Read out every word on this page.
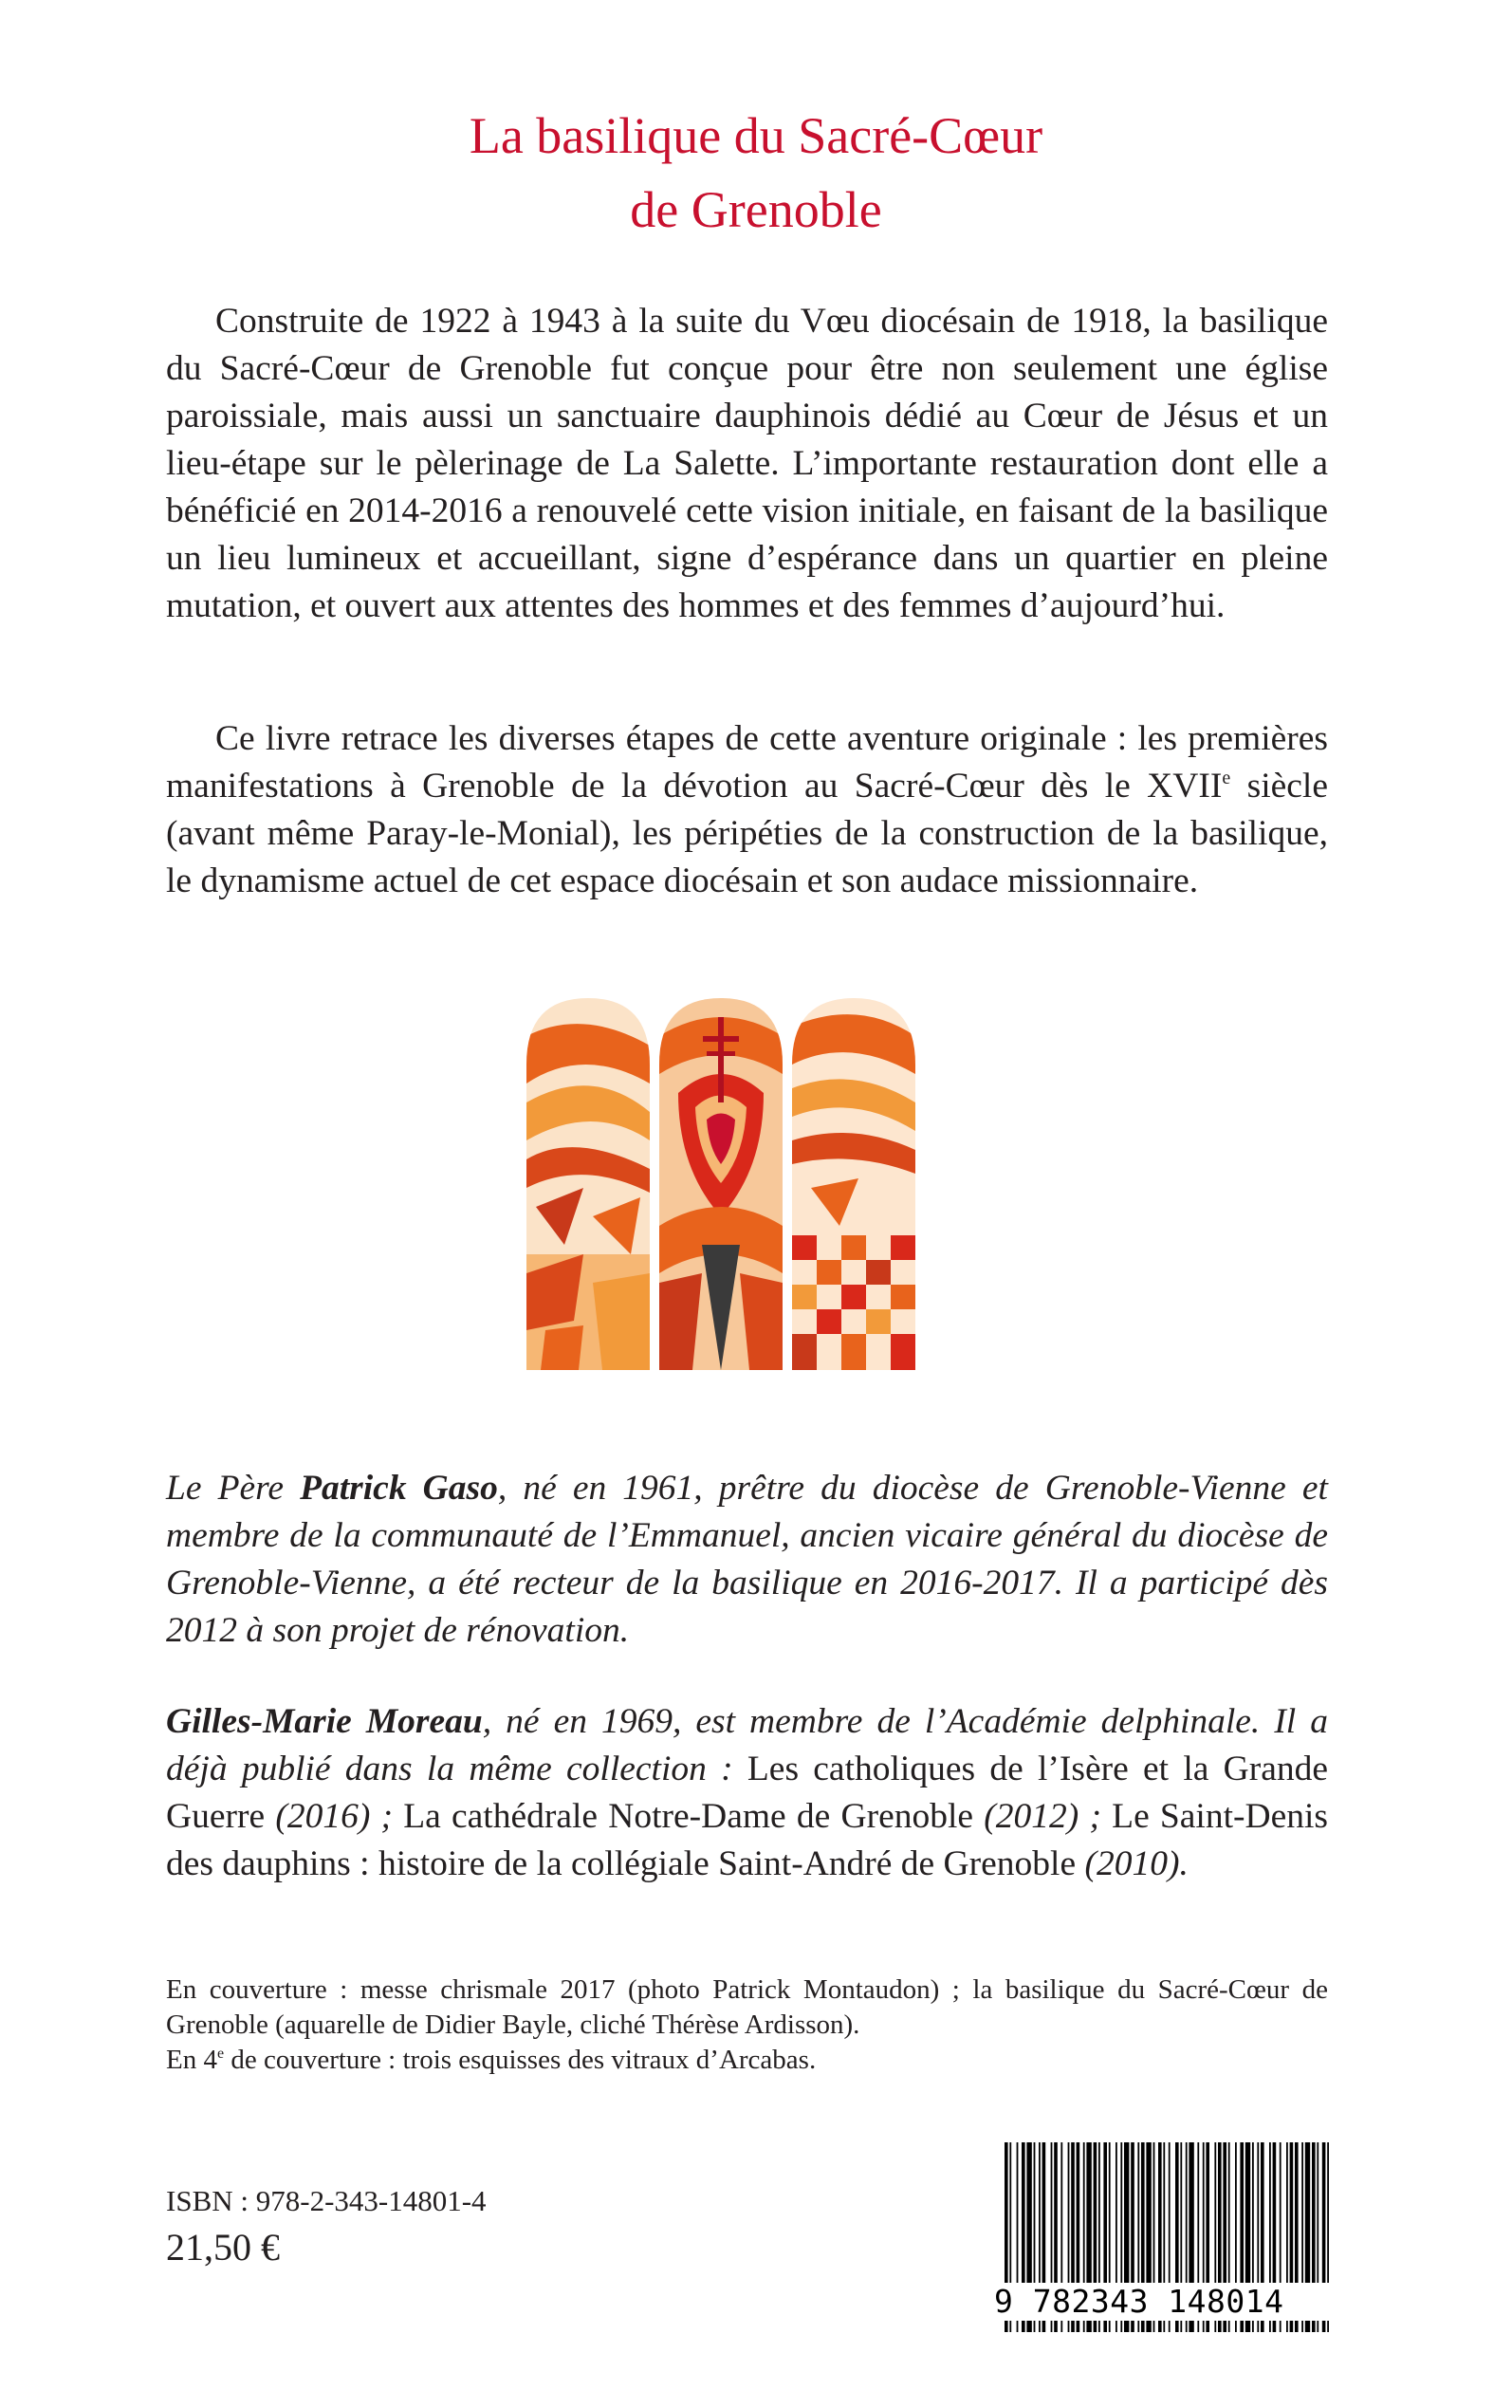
La basilique du Sacré-Cœur
de Grenoble

Construite de 1922 à 1943 à la suite du Vœu diocésain de 1918, la basilique du Sacré-Cœur de Grenoble fut conçue pour être non seulement une église paroissiale, mais aussi un sanctuaire dauphinois dédié au Cœur de Jésus et un lieu-étape sur le pèlerinage de La Salette. L’importante restauration dont elle a bénéficié en 2014-2016 a renouvelé cette vision initiale, en faisant de la basilique un lieu lumineux et accueillant, signe d’espérance dans un quartier en pleine mutation, et ouvert aux attentes des hommes et des femmes d’aujourd’hui.

Ce livre retrace les diverses étapes de cette aventure originale : les premières manifestations à Grenoble de la dévotion au Sacré-Cœur dès le XVIIe siècle (avant même Paray-le-Monial), les péripéties de la construction de la basilique, le dynamisme actuel de cet espace diocésain et son audace missionnaire.

Le Père Patrick Gaso, né en 1961, prêtre du diocèse de Grenoble-Vienne et membre de la communauté de l’Emmanuel, ancien vicaire général du diocèse de Grenoble-Vienne, a été recteur de la basilique en 2016-2017. Il a participé dès 2012 à son projet de rénovation.

Gilles-Marie Moreau, né en 1969, est membre de l’Académie delphinale. Il a déjà publié dans la même collection : Les catholiques de l’Isère et la Grande Guerre (2016) ; La cathédrale Notre-Dame de Grenoble (2012) ; Le Saint-Denis des dauphins : histoire de la collégiale Saint-André de Grenoble (2010).

En couverture : messe chrismale 2017 (photo Patrick Montaudon) ; la basilique du Sacré-Cœur de Grenoble (aquarelle de Didier Bayle, cliché Thérèse Ardisson).

En 4e de couverture : trois esquisses des vitraux d’Arcabas.

ISBN : 978-2-343-14801-4
21,50 €
9 782343 148014
